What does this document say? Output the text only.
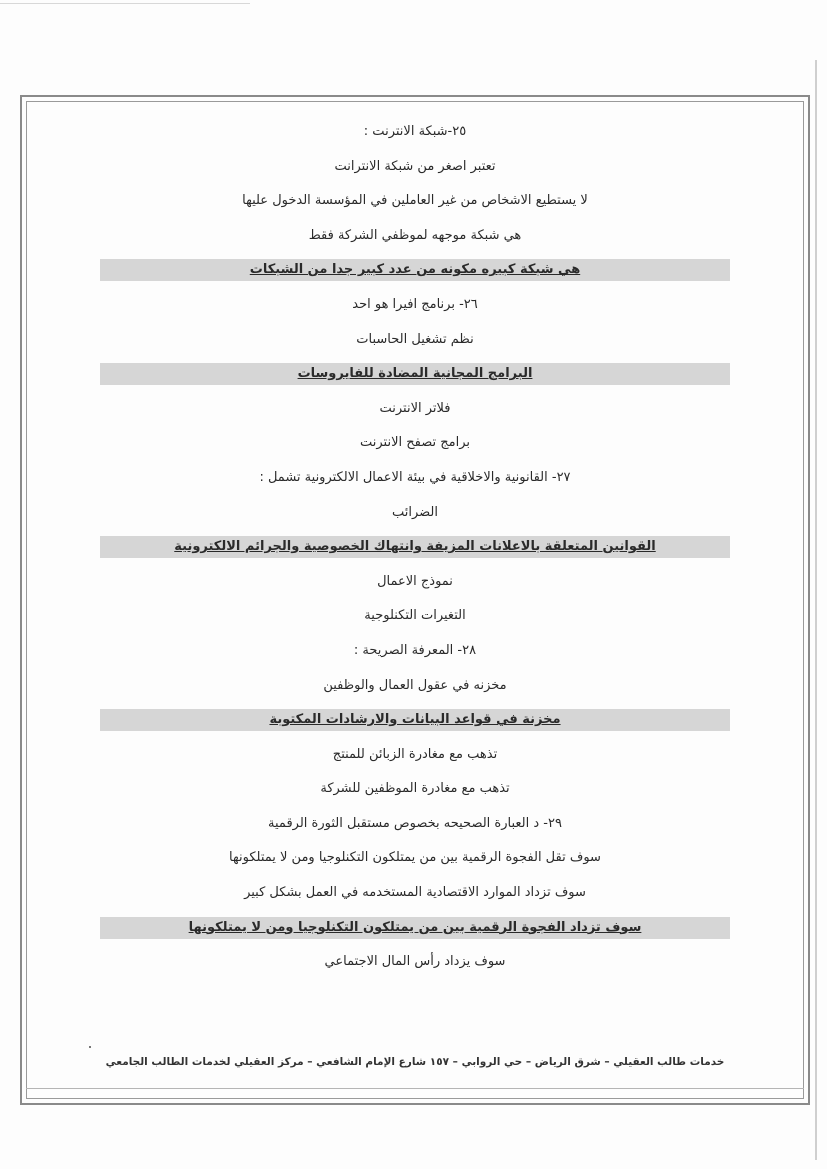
٢٥-شبكة الانترنت :
تعتبر اصغر من شبكة الانترانت
لا يستطيع الاشخاص من غير العاملين في المؤسسة الدخول عليها
هي شبكة موجهه لموظفي الشركة فقط
هي شبكة كبيره مكونه من عدد كبير جدا من الشبكات
٢٦- برنامج افيرا هو احد
نظم تشغيل الحاسبات
البرامج المجانية المضادة للفايروسات
فلاتر الانترنت
برامج تصفح الانترنت
٢٧- القانونية والاخلاقية في بيئة الاعمال الالكترونية تشمل :
الضرائب
القوانين المتعلقة بالاعلانات المزيفة وانتهاك الخصوصية والجرائم الالكترونية
نموذج الاعمال
التغيرات التكنلوجية
٢٨- المعرفة الصريحة :
مخزنه في عقول العمال والوظفين
مخزنة في قواعد البيانات والارشادات المكتوبة
تذهب مع مغادرة الزبائن للمنتج
تذهب مع مغادرة الموظفين للشركة
٢٩- د العبارة الصحيحه بخصوص مستقبل الثورة الرقمية
سوف تقل الفجوة الرقمية بين من يمتلكون التكنلوجيا ومن لا يمتلكونها
سوف تزداد الموارد الاقتصادية المستخدمه في العمل بشكل كبير
سوف تزداد الفجوة الرقمية بين من يمتلكون التكنلوجيا ومن لا يمتلكونها
سوف يزداد رأس المال الاجتماعي
خدمات طالب العقيلي – شرق الرياض – حي الروابي – ١٥٧ شارع الإمام الشافعي – مركز العقيلي لخدمات الطالب الجامعي
